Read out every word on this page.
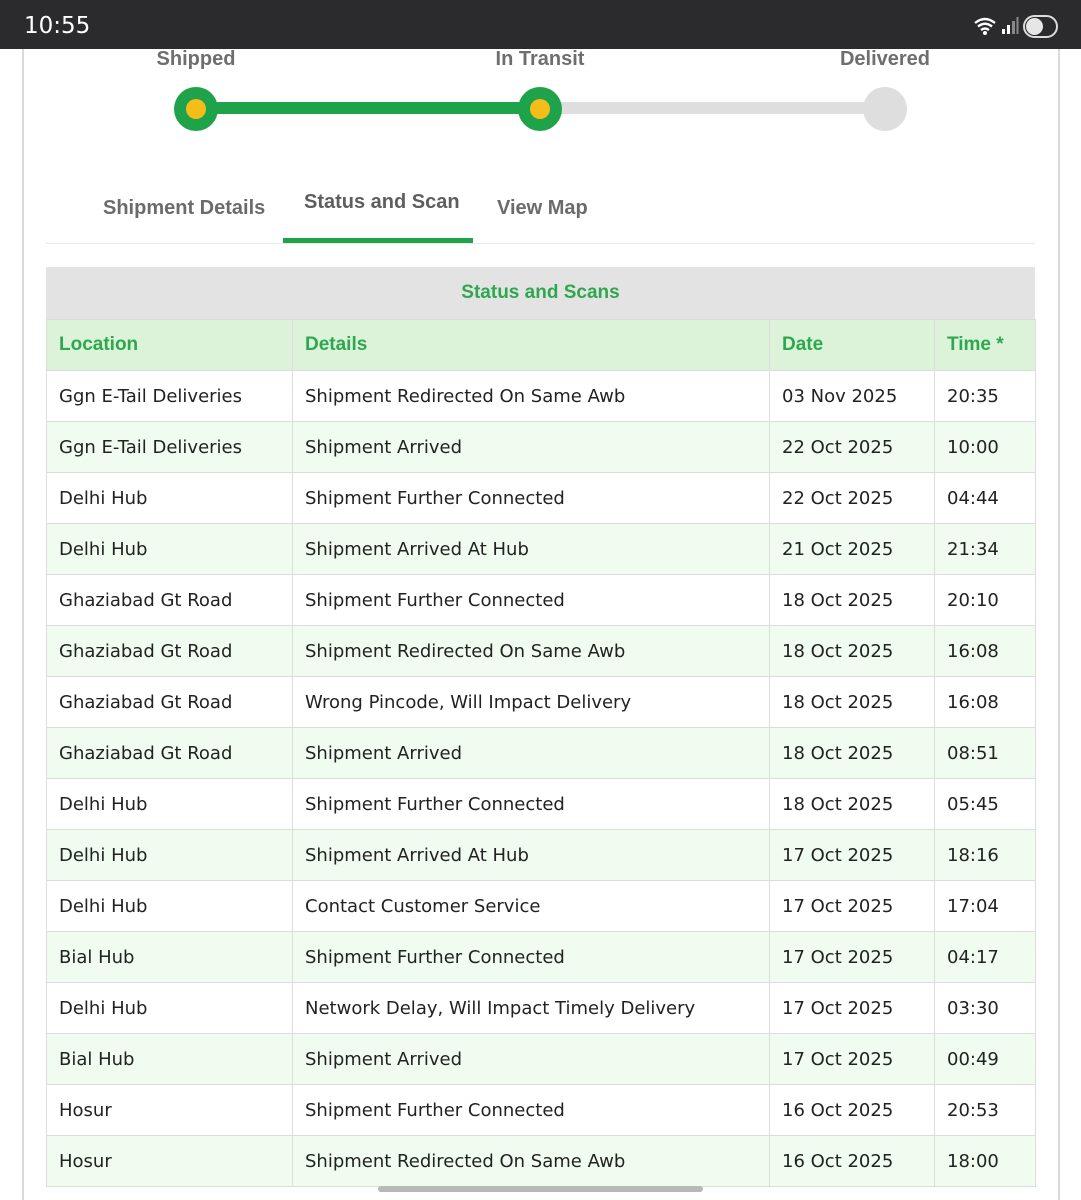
10:55
Shipped	In Transit	Delivered
Shipment Details Status and Scan View Map
Status and Scans
Location	Details	Date	Time *
Ggn E-Tail Deliveries	Shipment Redirected On Same Awb	03 Nov 2025	20:35
Ggn E-Tail Deliveries	Shipment Arrived	22 Oct 2025	10:00
Delhi Hub	Shipment Further Connected	22 Oct 2025	04:44
Delhi Hub	Shipment Arrived At Hub	21 Oct 2025	21:34
Ghaziabad Gt Road	Shipment Further Connected	18 Oct 2025	20:10
Ghaziabad Gt Road	Shipment Redirected On Same Awb	18 Oct 2025	16:08
Ghaziabad Gt Road	Wrong Pincode, Will Impact Delivery	18 Oct 2025	16:08
Ghaziabad Gt Road	Shipment Arrived	18 Oct 2025	08:51
Delhi Hub	Shipment Further Connected	18 Oct 2025	05:45
Delhi Hub	Shipment Arrived At Hub	17 Oct 2025	18:16
Delhi Hub	Contact Customer Service	17 Oct 2025	17:04
Bial Hub	Shipment Further Connected	17 Oct 2025	04:17
Delhi Hub	Network Delay, Will Impact Timely Delivery	17 Oct 2025	03:30
Bial Hub	Shipment Arrived	17 Oct 2025	00:49
Hosur	Shipment Further Connected	16 Oct 2025	20:53
Hosur	Shipment Redirected On Same Awb	16 Oct 2025	18:00
